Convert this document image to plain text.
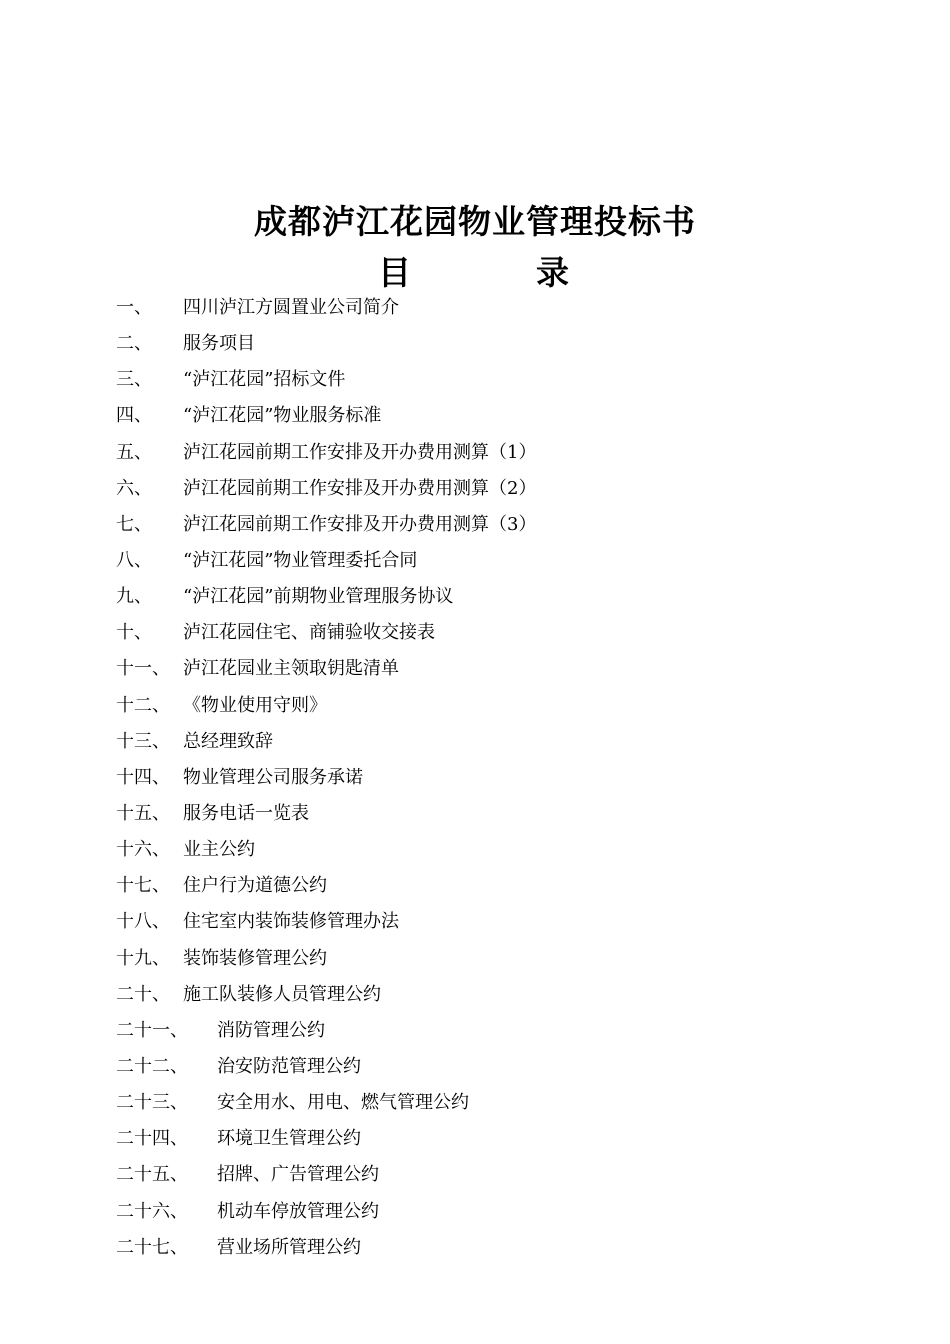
成都泸江花园物业管理投标书
目	录
一、 四川泸江方圆置业公司简介
二、 服务项目
三、 “泸江花园”招标文件
四、 “泸江花园”物业服务标准
五、 泸江花园前期工作安排及开办费用测算（1）
六、 泸江花园前期工作安排及开办费用测算（2）
七、 泸江花园前期工作安排及开办费用测算（3）
八、 “泸江花园”物业管理委托合同
九、 “泸江花园”前期物业管理服务协议
十、 泸江花园住宅、商铺验收交接表
十一、 泸江花园业主领取钥匙清单
十二、 《物业使用守则》
十三、 总经理致辞
十四、 物业管理公司服务承诺
十五、 服务电话一览表
十六、 业主公约
十七、 住户行为道德公约
十八、 住宅室内装饰装修管理办法
十九、 装饰装修管理公约
二十、 施工队装修人员管理公约
二十一、 消防管理公约
二十二、 治安防范管理公约
二十三、 安全用水、用电、燃气管理公约
二十四、 环境卫生管理公约
二十五、 招牌、广告管理公约
二十六、 机动车停放管理公约
二十七、 营业场所管理公约
